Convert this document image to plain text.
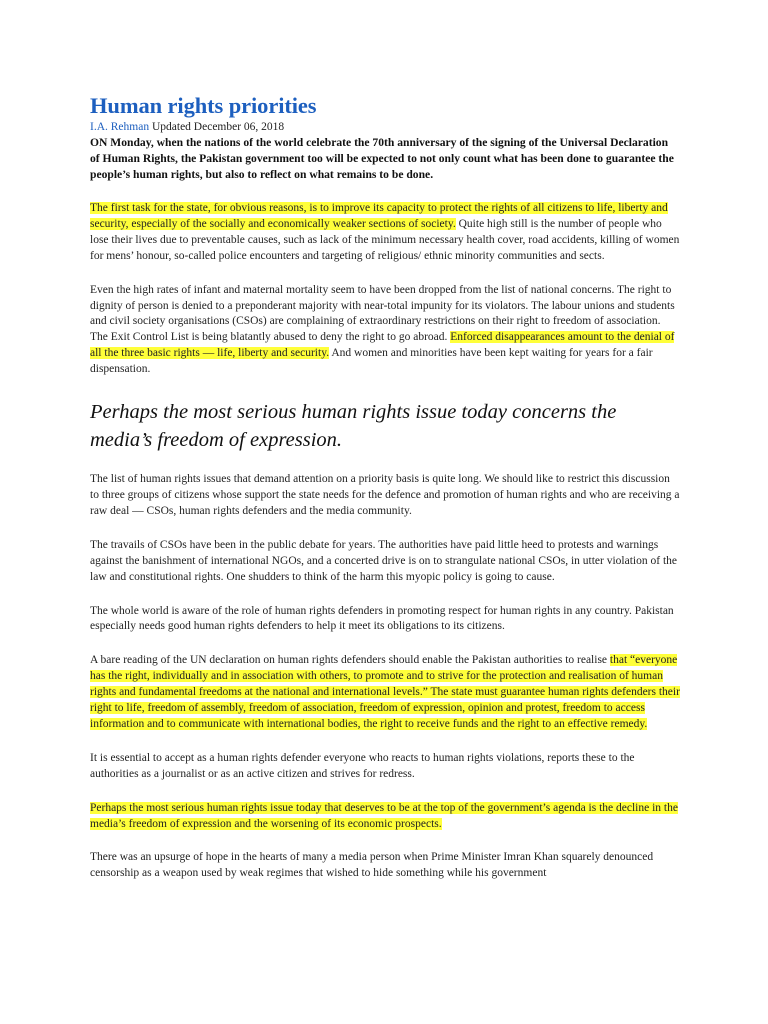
Human rights priorities
I.A. Rehman Updated December 06, 2018
ON Monday, when the nations of the world celebrate the 70th anniversary of the signing of the Universal Declaration of Human Rights, the Pakistan government too will be expected to not only count what has been done to guarantee the people’s human rights, but also to reflect on what remains to be done.

The first task for the state, for obvious reasons, is to improve its capacity to protect the rights of all citizens to life, liberty and security, especially of the socially and economically weaker sections of society. Quite high still is the number of people who lose their lives due to preventable causes, such as lack of the minimum necessary health cover, road accidents, killing of women for mens’ honour, so-called police encounters and targeting of religious/ ethnic minority communities and sects.

Even the high rates of infant and maternal mortality seem to have been dropped from the list of national concerns. The right to dignity of person is denied to a preponderant majority with near-total impunity for its violators. The labour unions and students and civil society organisations (CSOs) are complaining of extraordinary restrictions on their right to freedom of association. The Exit Control List is being blatantly abused to deny the right to go abroad. Enforced disappearances amount to the denial of all the three basic rights — life, liberty and security. And women and minorities have been kept waiting for years for a fair dispensation.

Perhaps the most serious human rights issue today concerns the media’s freedom of expression.

The list of human rights issues that demand attention on a priority basis is quite long. We should like to restrict this discussion to three groups of citizens whose support the state needs for the defence and promotion of human rights and who are receiving a raw deal — CSOs, human rights defenders and the media community.

The travails of CSOs have been in the public debate for years. The authorities have paid little heed to protests and warnings against the banishment of international NGOs, and a concerted drive is on to strangulate national CSOs, in utter violation of the law and constitutional rights. One shudders to think of the harm this myopic policy is going to cause.

The whole world is aware of the role of human rights defenders in promoting respect for human rights in any country. Pakistan especially needs good human rights defenders to help it meet its obligations to its citizens.

A bare reading of the UN declaration on human rights defenders should enable the Pakistan authorities to realise that “everyone has the right, individually and in association with others, to promote and to strive for the protection and realisation of human rights and fundamental freedoms at the national and international levels.” The state must guarantee human rights defenders their right to life, freedom of assembly, freedom of association, freedom of expression, opinion and protest, freedom to access information and to communicate with international bodies, the right to receive funds and the right to an effective remedy.

It is essential to accept as a human rights defender everyone who reacts to human rights violations, reports these to the authorities as a journalist or as an active citizen and strives for redress.

Perhaps the most serious human rights issue today that deserves to be at the top of the government’s agenda is the decline in the media’s freedom of expression and the worsening of its economic prospects.

There was an upsurge of hope in the hearts of many a media person when Prime Minister Imran Khan squarely denounced censorship as a weapon used by weak regimes that wished to hide something while his government
